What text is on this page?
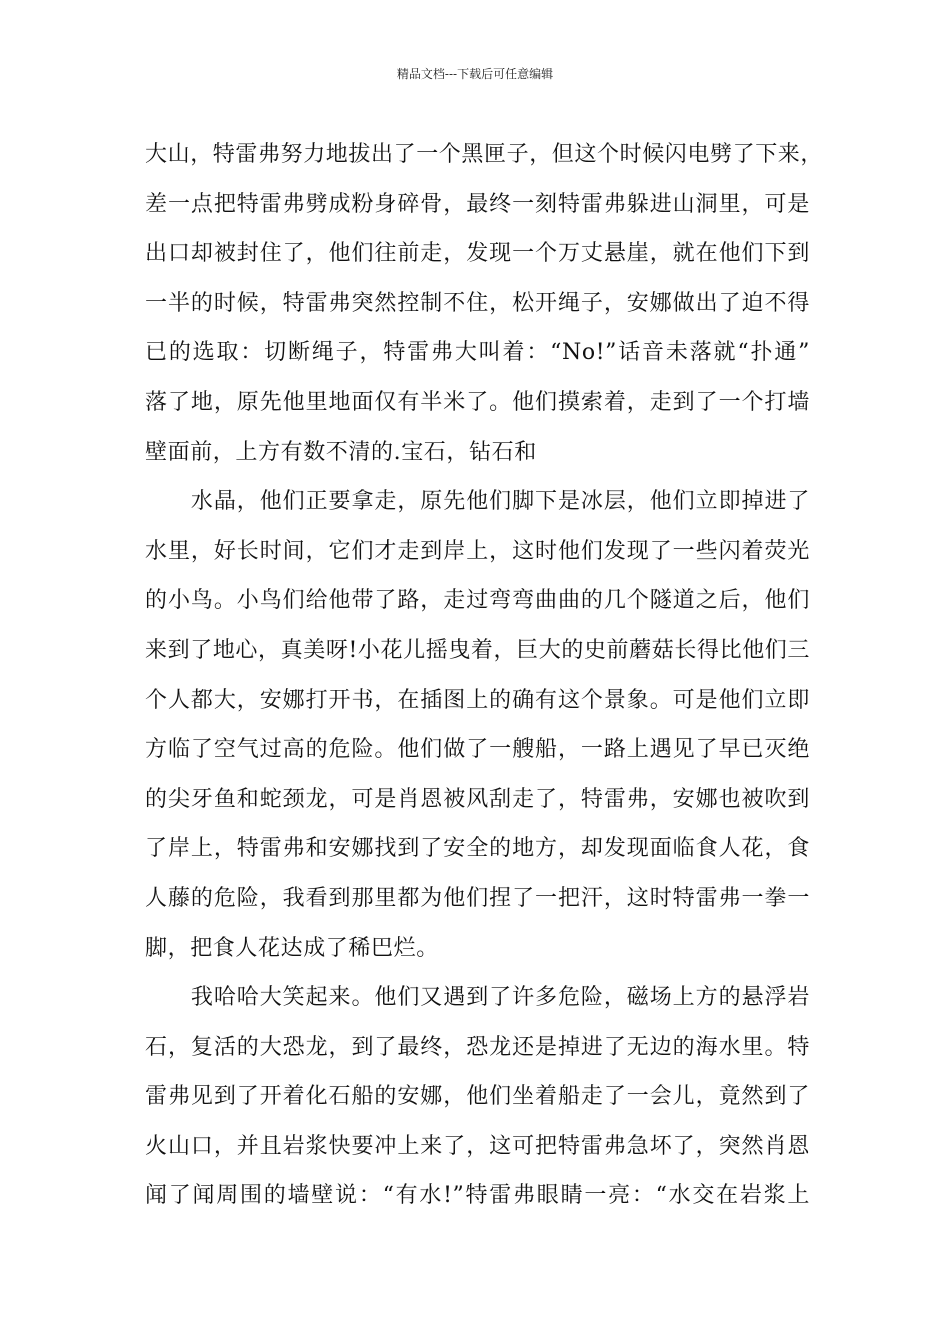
精品文档---下载后可任意编辑
大山，特雷弗努力地拔出了一个黑匣子，但这个时候闪电劈了下来，
差一点把特雷弗劈成粉身碎骨，最终一刻特雷弗躲进山洞里，可是
出口却被封住了，他们往前走，发现一个万丈悬崖，就在他们下到
一半的时候，特雷弗突然控制不住，松开绳子，安娜做出了迫不得
已的选取：切断绳子，特雷弗大叫着：“No!”话音未落就“扑通”
落了地，原先他里地面仅有半米了。他们摸索着，走到了一个打墙
壁面前，上方有数不清的.宝石，钻石和
　　水晶，他们正要拿走，原先他们脚下是冰层，他们立即掉进了
水里，好长时间，它们才走到岸上，这时他们发现了一些闪着荧光
的小鸟。小鸟们给他带了路，走过弯弯曲曲的几个隧道之后，他们
来到了地心，真美呀!小花儿摇曳着，巨大的史前蘑菇长得比他们三
个人都大，安娜打开书，在插图上的确有这个景象。可是他们立即
方临了空气过高的危险。他们做了一艘船，一路上遇见了早已灭绝
的尖牙鱼和蛇颈龙，可是肖恩被风刮走了，特雷弗，安娜也被吹到
了岸上，特雷弗和安娜找到了安全的地方，却发现面临食人花，食
人藤的危险，我看到那里都为他们捏了一把汗，这时特雷弗一拳一
脚，把食人花达成了稀巴烂。
　　我哈哈大笑起来。他们又遇到了许多危险，磁场上方的悬浮岩
石，复活的大恐龙，到了最终，恐龙还是掉进了无边的海水里。特
雷弗见到了开着化石船的安娜，他们坐着船走了一会儿，竟然到了
火山口，并且岩浆快要冲上来了，这可把特雷弗急坏了，突然肖恩
闻了闻周围的墙壁说：“有水!”特雷弗眼睛一亮：“水交在岩浆上
